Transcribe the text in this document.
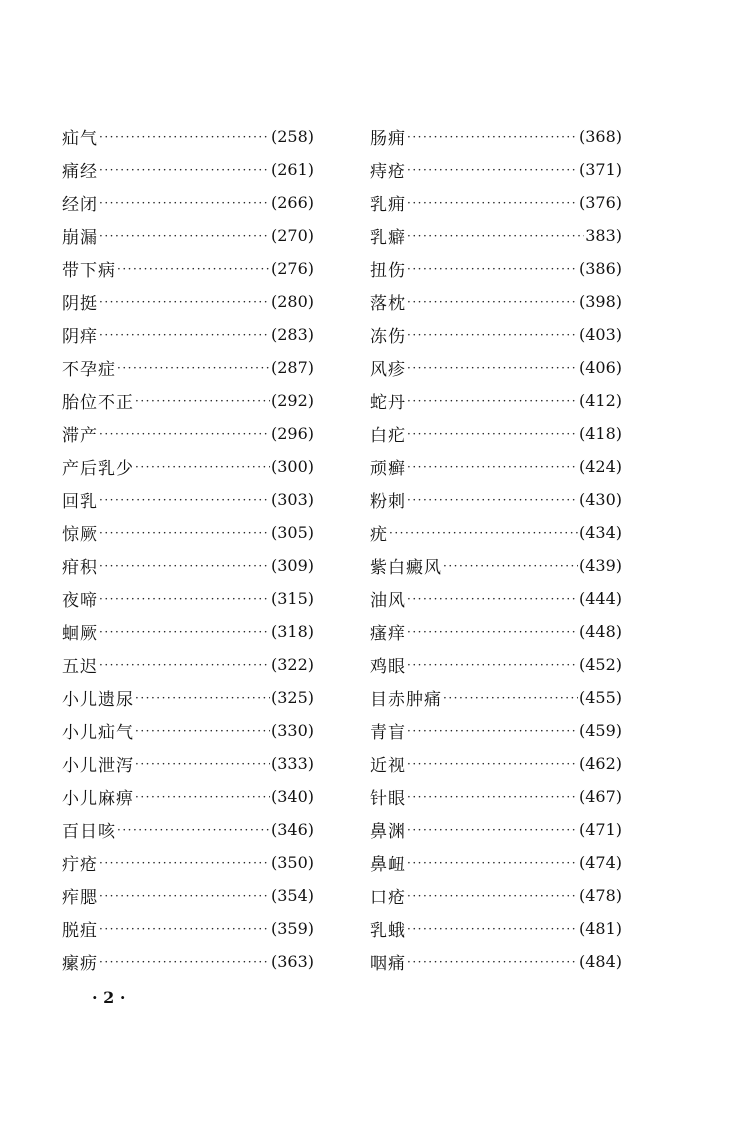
疝气 ·····	(258)
痛经 ·····	(261)
经闭 ·····	(266)
崩漏 ·····	(270)
带下病 ·····	(276)
阴挺 ·····	(280)
阴痒 ·····	(283)
不孕症 ·····	(287)
胎位不正 ·····	(292)
滞产 ·····	(296)
产后乳少 ·····	(300)
回乳 ·····	(303)
惊厥 ·····	(305)
疳积 ·····	(309)
夜啼 ·····	(315)
蛔厥 ·····	(318)
五迟 ·····	(322)
小儿遗尿 ·····	(325)
小儿疝气 ·····	(330)
小儿泄泻 ·····	(333)
小儿麻痹 ·····	(340)
百日咳 ·····	(346)
疔疮 ·····	(350)
痄腮 ·····	(354)
脱疽 ·····	(359)
瘰疬 ·····	(363)
肠痈 ·····	(368)
痔疮 ·····	(371)
乳痈 ·····	(376)
乳癖 ·····	383)
扭伤 ·····	(386)
落枕 ·····	(398)
冻伤 ·····	(403)
风疹 ·····	(406)
蛇丹 ·····	(412)
白疕 ·····	(418)
顽癣 ·····	(424)
粉刺 ·····	(430)
疣 ·····	(434)
紫白癜风 ·····	(439)
油风 ·····	(444)
瘙痒 ·····	(448)
鸡眼 ·····	(452)
目赤肿痛 ·····	(455)
青盲 ·····	(459)
近视 ·····	(462)
针眼 ·····	(467)
鼻渊 ·····	(471)
鼻衄 ·····	(474)
口疮 ·····	(478)
乳蛾 ·····	(481)
咽痛 ·····	(484)
· 2 ·
